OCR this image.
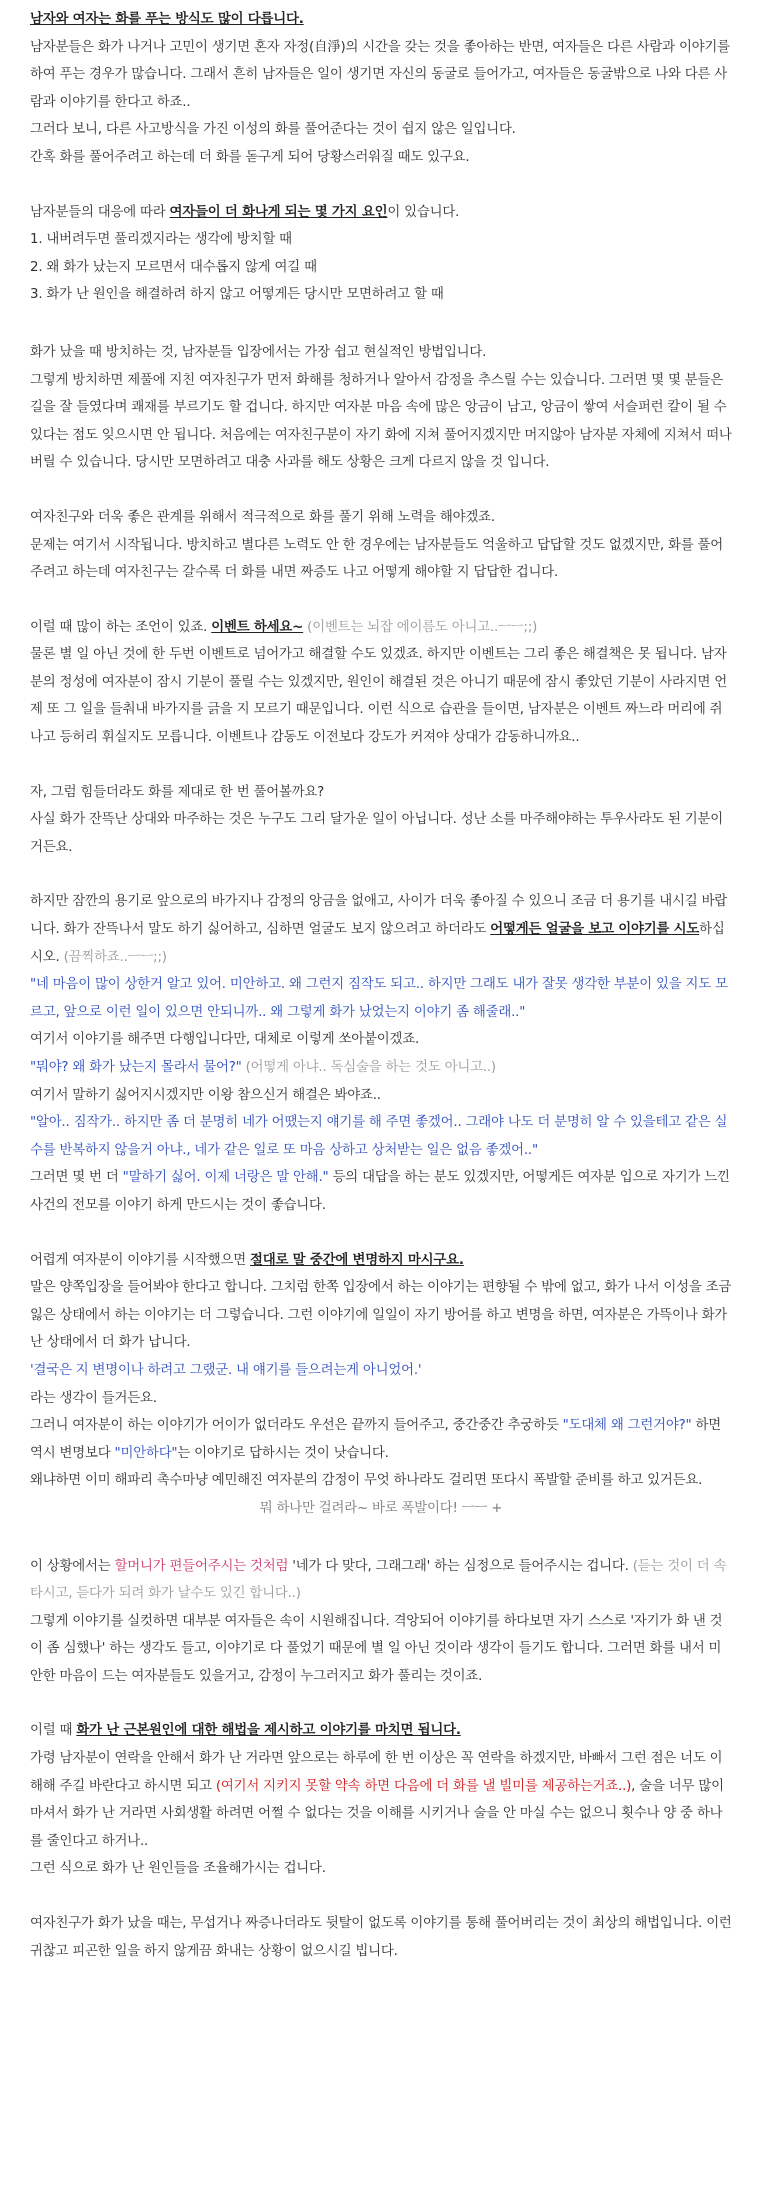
남자와 여자는 화를 푸는 방식도 많이 다릅니다.

남자분들은 화가 나거나 고민이 생기면 혼자 자정(自淨)의 시간을 갖는 것을 좋아하는 반면, 여자들은 다른 사람과 이야기를 하여 푸는 경우가 많습니다. 그래서 흔히 남자들은 일이 생기면 자신의 동굴로 들어가고, 여자들은 동굴밖으로 나와 다른 사람과 이야기를 한다고 하죠..

그러다 보니, 다른 사고방식을 가진 이성의 화를 풀어준다는 것이 쉽지 않은 일입니다.

간혹 화를 풀어주려고 하는데 더 화를 돋구게 되어 당황스러워질 때도 있구요.

남자분들의 대응에 따라 여자들이 더 화나게 되는 몇 가지 요인이 있습니다.

1. 내버려두면 풀리겠지라는 생각에 방치할 때
2. 왜 화가 났는지 모르면서 대수롭지 않게 여길 때
3. 화가 난 원인을 해결하려 하지 않고 어떻게든 당시만 모면하려고 할 때

화가 났을 때 방치하는 것, 남자분들 입장에서는 가장 쉽고 현실적인 방법입니다.

그렇게 방치하면 제풀에 지친 여자친구가 먼저 화해를 청하거나 알아서 감정을 추스릴 수는 있습니다. 그러면 몇 몇 분들은 길을 잘 들였다며 쾌재를 부르기도 할 겁니다. 하지만 여자분 마음 속에 많은 앙금이 남고, 앙금이 쌓여 서슬퍼런 칼이 될 수 있다는 점도 잊으시면 안 됩니다. 처음에는 여자친구분이 자기 화에 지쳐 풀어지겠지만 머지않아 남자분 자체에 지쳐서 떠나버릴 수 있습니다. 당시만 모면하려고 대충 사과를 해도 상황은 크게 다르지 않을 것 입니다.

여자친구와 더욱 좋은 관계를 위해서 적극적으로 화를 풀기 위해 노력을 해야겠죠.

문제는 여기서 시작됩니다. 방치하고 별다른 노력도 안 한 경우에는 남자분들도 억울하고 답답할 것도 없겠지만, 화를 풀어주려고 하는데 여자친구는 갈수록 더 화를 내면 짜증도 나고 어떻게 해야할 지 답답한 겁니다.

이럴 때 많이 하는 조언이 있죠. 이벤트 하세요~ (이벤트는 뇌잡 에이름도 아니고..ㅡㅡ;;)

물론 별 일 아닌 것에 한 두번 이벤트로 넘어가고 해결할 수도 있겠죠. 하지만 이벤트는 그리 좋은 해결책은 못 됩니다. 남자분의 정성에 여자분이 잠시 기분이 풀릴 수는 있겠지만, 원인이 해결된 것은 아니기 때문에 잠시 좋았던 기분이 사라지면 언제 또 그 일을 들춰내 바가지를 긁을 지 모르기 때문입니다. 이런 식으로 습관을 들이면, 남자분은 이벤트 짜느라 머리에 쥐나고 등허리 휘실지도 모릅니다. 이벤트나 감동도 이전보다 강도가 커져야 상대가 감동하니까요..

자, 그럼 힘들더라도 화를 제대로 한 번 풀어볼까요?

사실 화가 잔뜩난 상대와 마주하는 것은 누구도 그리 달가운 일이 아닙니다. 성난 소를 마주해야하는 투우사라도 된 기분이거든요.

하지만 잠깐의 용기로 앞으로의 바가지나 감정의 앙금을 없애고, 사이가 더욱 좋아질 수 있으니 조금 더 용기를 내시길 바랍니다. 화가 잔뜩나서 말도 하기 싫어하고, 심하면 얼굴도 보지 않으려고 하더라도 어떻게든 얼굴을 보고 이야기를 시도하십시오. (끔찍하죠..ㅡㅡ;;)

"네 마음이 많이 상한거 알고 있어. 미안하고. 왜 그런지 짐작도 되고.. 하지만 그래도 내가 잘못 생각한 부분이 있을 지도 모르고, 앞으로 이런 일이 있으면 안되니까.. 왜 그렇게 화가 났었는지 이야기 좀 해줄래.."

여기서 이야기를 해주면 다행입니다만, 대체로 이렇게 쏘아붙이겠죠.

"뭐야? 왜 화가 났는지 몰라서 물어?" (어떻게 아냐.. 독심술을 하는 것도 아니고..)

여기서 말하기 싫어지시겠지만 이왕 참으신거 해결은 봐야죠..

"알아.. 짐작가.. 하지만 좀 더 분명히 네가 어땠는지 얘기를 해 주면 좋겠어.. 그래야 나도 더 분명히 알 수 있을테고 같은 실수를 반복하지 않을거 아냐., 네가 같은 일로 또 마음 상하고 상처받는 일은 없음 좋겠어.."

그러면 몇 번 더 "말하기 싫어. 이제 너랑은 말 안해." 등의 대답을 하는 분도 있겠지만, 어떻게든 여자분 입으로 자기가 느낀 사건의 전모를 이야기 하게 만드시는 것이 좋습니다.

어렵게 여자분이 이야기를 시작했으면 절대로 말 중간에 변명하지 마시구요.

말은 양쪽입장을 들어봐야 한다고 합니다. 그치럼 한쪽 입장에서 하는 이야기는 편향될 수 밖에 없고, 화가 나서 이성을 조금 잃은 상태에서 하는 이야기는 더 그렇습니다. 그런 이야기에 일일이 자기 방어를 하고 변명을 하면, 여자분은 가뜩이나 화가 난 상태에서 더 화가 납니다.

'결국은 지 변명이나 하려고 그랬군. 내 얘기를 들으려는게 아니었어.'

라는 생각이 들거든요.

그러니 여자분이 하는 이야기가 어이가 없더라도 우선은 끝까지 들어주고, 중간중간 추궁하듯 "도대체 왜 그런거야?" 하면 역시 변명보다 "미안하다"는 이야기로 답하시는 것이 낫습니다.

왜냐하면 이미 해파리 촉수마냥 예민해진 여자분의 감정이 무엇 하나라도 걸리면 또다시 폭발할 준비를 하고 있거든요.

뭐 하나만 걸려라~ 바로 폭발이다! ㅡㅡ +

이 상황에서는 할머니가 편들어주시는 것처럼 '네가 다 맞다, 그래그래' 하는 심정으로 들어주시는 겁니다. (듣는 것이 더 속타시고, 듣다가 되려 화가 날수도 있긴 합니다..)

그렇게 이야기를 실컷하면 대부분 여자들은 속이 시원해집니다. 격앙되어 이야기를 하다보면 자기 스스로 '자기가 화 낸 것이 좀 심했나' 하는 생각도 들고, 이야기로 다 풀었기 때문에 별 일 아닌 것이라 생각이 들기도 합니다. 그러면 화를 내서 미안한 마음이 드는 여자분들도 있을거고, 감정이 누그러지고 화가 풀리는 것이죠.

이럴 때 화가 난 근본원인에 대한 해법을 제시하고 이야기를 마치면 됩니다.

가령 남자분이 연락을 안해서 화가 난 거라면 앞으로는 하루에 한 번 이상은 꼭 연락을 하겠지만, 바빠서 그런 점은 너도 이해해 주길 바란다고 하시면 되고 (여기서 지키지 못할 약속 하면 다음에 더 화를 낼 빌미를 제공하는거죠..), 술을 너무 많이 마셔서 화가 난 거라면 사회생활 하려면 어쩔 수 없다는 것을 이해를 시키거나 술을 안 마실 수는 없으니 횟수나 양 중 하나를 줄인다고 하거나..

그런 식으로 화가 난 원인들을 조율해가시는 겁니다.

여자친구가 화가 났을 때는, 무섭거나 짜증나더라도 뒷탈이 없도록 이야기를 통해 풀어버리는 것이 최상의 해법입니다. 이런 귀찮고 피곤한 일을 하지 않게끔 화내는 상황이 없으시길 빕니다.
